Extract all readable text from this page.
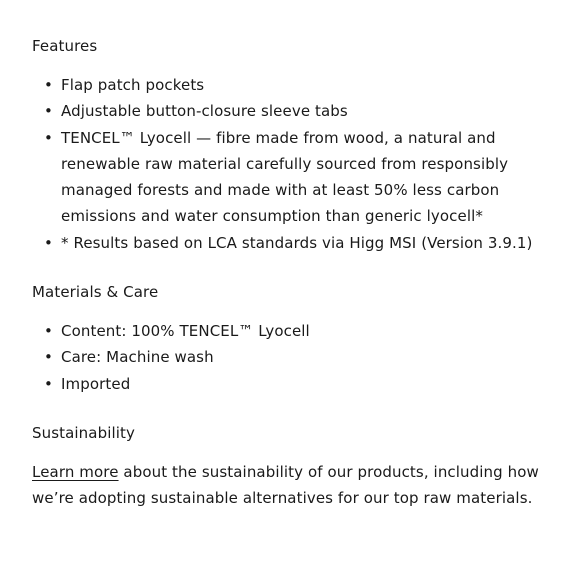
Features
• Flap patch pockets
• Adjustable button-closure sleeve tabs
• TENCEL™ Lyocell — fibre made from wood, a natural and renewable raw material carefully sourced from responsibly managed forests and made with at least 50% less carbon emissions and water consumption than generic lyocell*
• * Results based on LCA standards via Higg MSI (Version 3.9.1)
Materials & Care
• Content: 100% TENCEL™ Lyocell
• Care: Machine wash
• Imported
Sustainability

Learn more about the sustainability of our products, including how we’re adopting sustainable alternatives for our top raw materials.
